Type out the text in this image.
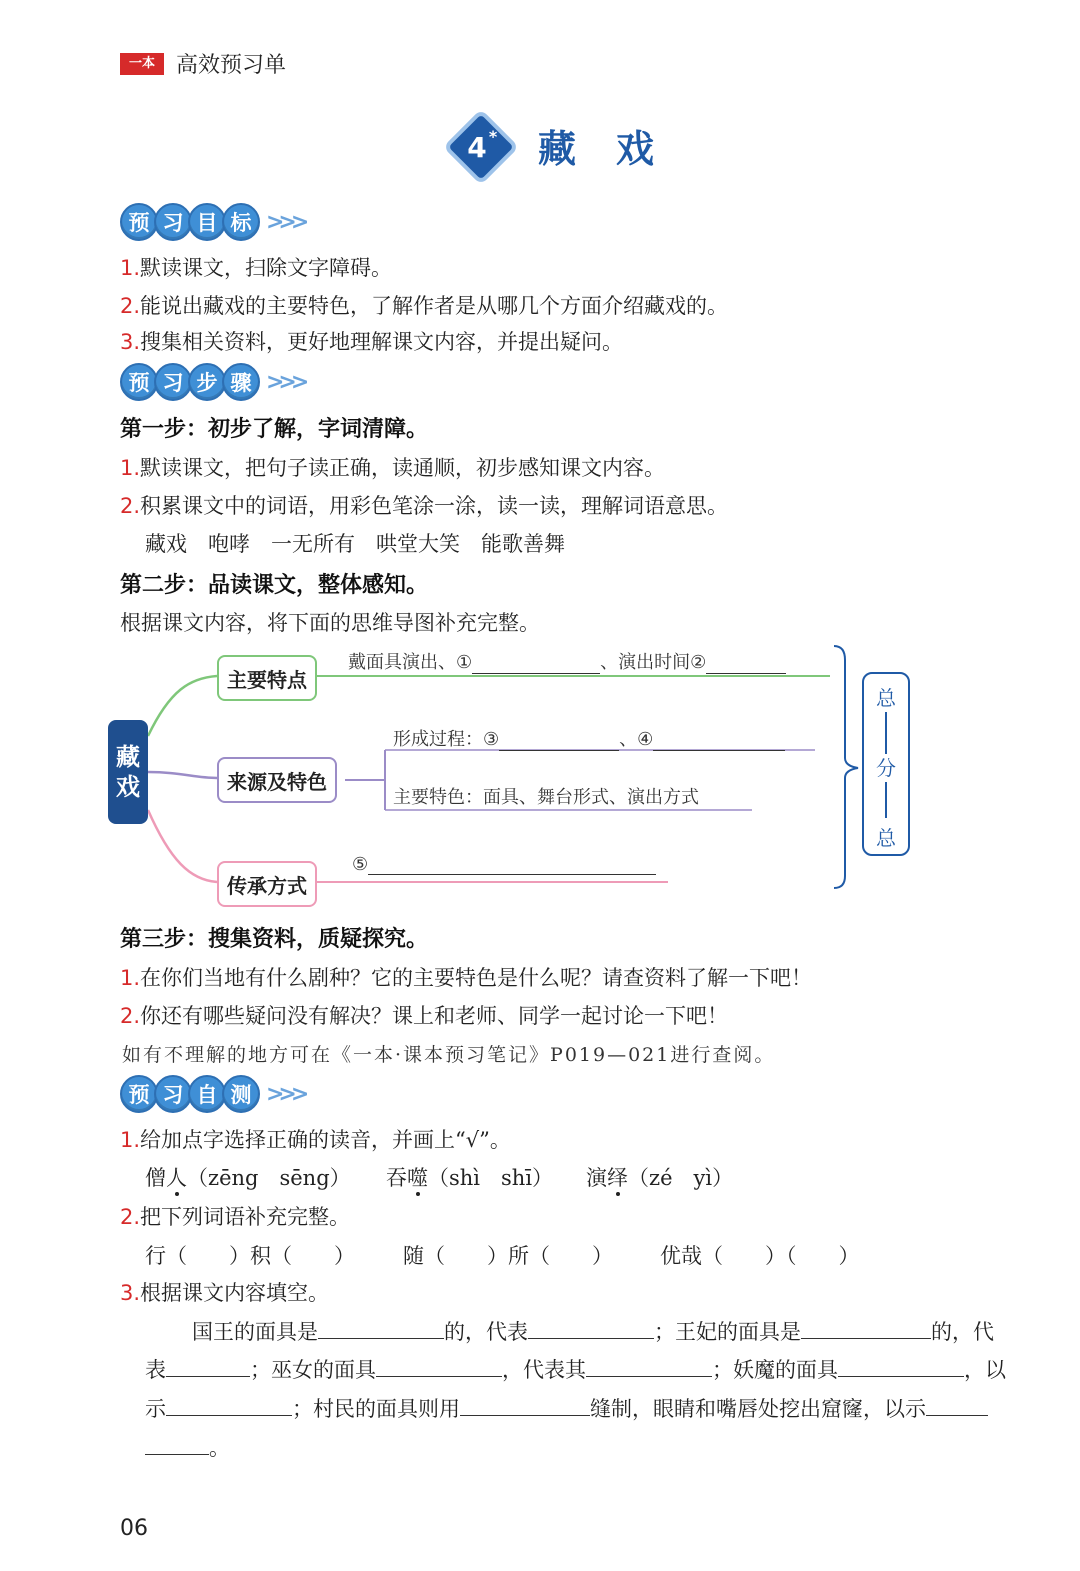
一本 高效预习单
4 * 藏戏
预 习 目 标 >>>
1.默读课文，扫除文字障碍。
2.能说出藏戏的主要特色，了解作者是从哪几个方面介绍藏戏的。
3.搜集相关资料，更好地理解课文内容，并提出疑问。
预 习 步 骤 >>>
第一步：初步了解，字词清障。
1.默读课文，把句子读正确，读通顺，初步感知课文内容。
2.积累课文中的词语，用彩色笔涂一涂，读一读，理解词语意思。
藏戏　咆哮　一无所有　哄堂大笑　能歌善舞
第二步：品读课文，整体感知。
根据课文内容，将下面的思维导图补充完整。
藏
戏
主要特点
戴面具演出、①	、演出时间②
来源及特色
形成过程：③	、④
主要特色：面具、舞台形式、演出方式
传承方式
⑤
总
分
总
第三步：搜集资料，质疑探究。
1.在你们当地有什么剧种？它的主要特色是什么呢？请查资料了解一下吧！
2.你还有哪些疑问没有解决？课上和老师、同学一起讨论一下吧！
如有不理解的地方可在《一本·课本预习笔记》P019—021进行查阅。
预 习 自 测 >>>
1.给加点字选择正确的读音，并画上“√”。
僧人（zēng　sēng） 吞噬（shì　shī） 演绎（zé　yì）
2.把下列词语补充完整。
行（　　）积（　　） 随（　　）所（　　） 优哉（　　）（　　）
3.根据课文内容填空。
国王的面具是	的，代表	；王妃的面具是	的，代
表	；巫女的面具	，代表其	；妖魔的面具	，以
示	；村民的面具则用	缝制，眼睛和嘴唇处挖出窟窿，以示
。
06
